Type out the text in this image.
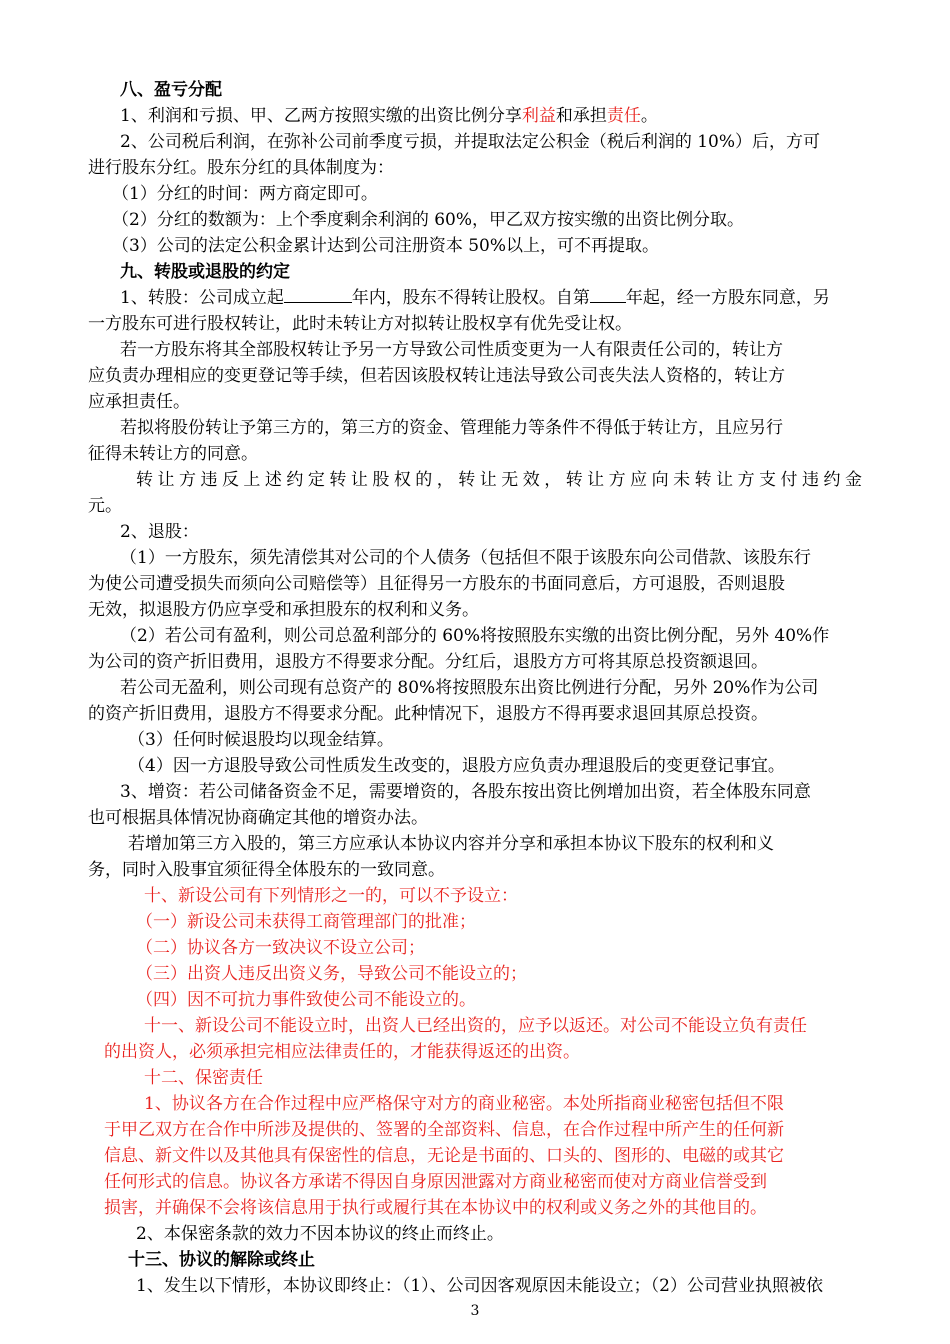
八、盈亏分配
1、利润和亏损、甲、乙两方按照实缴的出资比例分享利益和承担责任。
2、公司税后利润，在弥补公司前季度亏损，并提取法定公积金（税后利润的 10%）后，方可
进行股东分红。股东分红的具体制度为：
（1）分红的时间：两方商定即可。
（2）分红的数额为：上个季度剩余利润的 60%，甲乙双方按实缴的出资比例分取。
（3）公司的法定公积金累计达到公司注册资本 50%以上，可不再提取。
九、转股或退股的约定
1、转股：公司成立起	年内，股东不得转让股权。自第 年起，经一方股东同意，另
一方股东可进行股权转让，此时未转让方对拟转让股权享有优先受让权。
若一方股东将其全部股权转让予另一方导致公司性质变更为一人有限责任公司的，转让方
应负责办理相应的变更登记等手续，但若因该股权转让违法导致公司丧失法人资格的，转让方
应承担责任。
若拟将股份转让予第三方的，第三方的资金、管理能力等条件不得低于转让方，且应另行
征得未转让方的同意。
转让方违反上述约定转让股权的，转让无效，转让方应向未转让方支付违约金
元。
2、退股：
（1）一方股东，须先清偿其对公司的个人债务（包括但不限于该股东向公司借款、该股东行
为使公司遭受损失而须向公司赔偿等）且征得另一方股东的书面同意后，方可退股，否则退股
无效，拟退股方仍应享受和承担股东的权利和义务。
（2）若公司有盈利，则公司总盈利部分的 60%将按照股东实缴的出资比例分配，另外 40%作
为公司的资产折旧费用，退股方不得要求分配。分红后，退股方方可将其原总投资额退回。
若公司无盈利，则公司现有总资产的 80%将按照股东出资比例进行分配，另外 20%作为公司
的资产折旧费用，退股方不得要求分配。此种情况下，退股方不得再要求退回其原总投资。
（3）任何时候退股均以现金结算。
（4）因一方退股导致公司性质发生改变的，退股方应负责办理退股后的变更登记事宜。
3、增资：若公司储备资金不足，需要增资的，各股东按出资比例增加出资，若全体股东同意
也可根据具体情况协商确定其他的增资办法。
若增加第三方入股的，第三方应承认本协议内容并分享和承担本协议下股东的权利和义
务，同时入股事宜须征得全体股东的一致同意。
十、新设公司有下列情形之一的，可以不予设立：
（一）新设公司未获得工商管理部门的批准；
（二）协议各方一致决议不设立公司；
（三）出资人违反出资义务，导致公司不能设立的；
（四）因不可抗力事件致使公司不能设立的。
十一、新设公司不能设立时，出资人已经出资的，应予以返还。对公司不能设立负有责任
的出资人，必须承担完相应法律责任的，才能获得返还的出资。
十二、保密责任
1、协议各方在合作过程中应严格保守对方的商业秘密。本处所指商业秘密包括但不限
于甲乙双方在合作中所涉及提供的、签署的全部资料、信息，在合作过程中所产生的任何新
信息、新文件以及其他具有保密性的信息，无论是书面的、口头的、图形的、电磁的或其它
任何形式的信息。协议各方承诺不得因自身原因泄露对方商业秘密而使对方商业信誉受到
损害，并确保不会将该信息用于执行或履行其在本协议中的权利或义务之外的其他目的。
2、本保密条款的效力不因本协议的终止而终止。
十三、协议的解除或终止
1、发生以下情形，本协议即终止：（1）、公司因客观原因未能设立；（2）公司营业执照被依
3
